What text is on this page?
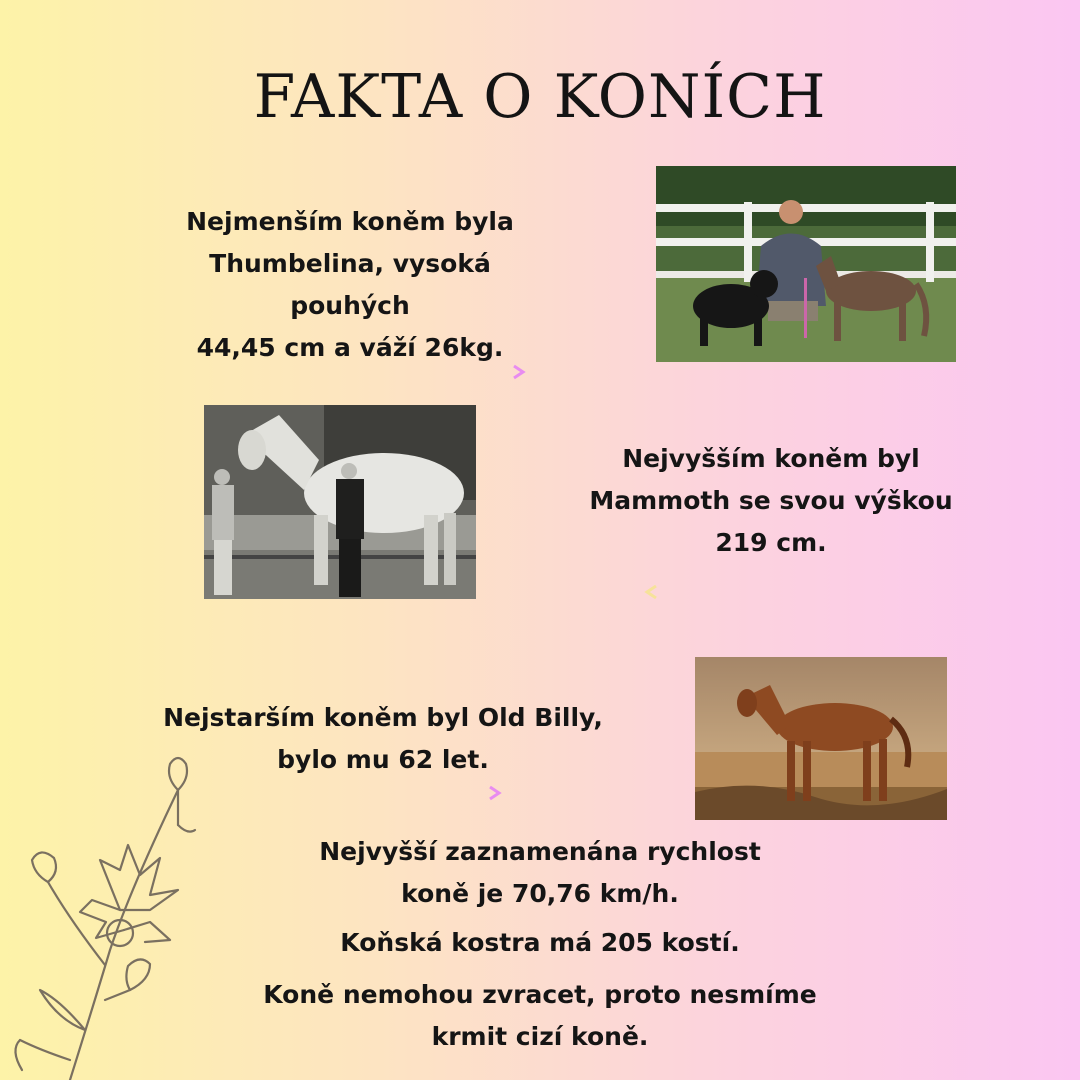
FAKTA O KONÍCH
Nejmenším koněm byla
Thumbelina, vysoká pouhých
44,45 cm a váží 26kg.
Nejvyšším koněm byl
Mammoth se svou výškou
219 cm.
Nejstarším koněm byl Old Billy,
bylo mu 62 let.
Nejvyšší zaznamenána rychlost
koně je 70,76 km/h.
Koňská kostra má 205 kostí.
Koně nemohou zvracet, proto nesmíme
krmit cizí koně.
